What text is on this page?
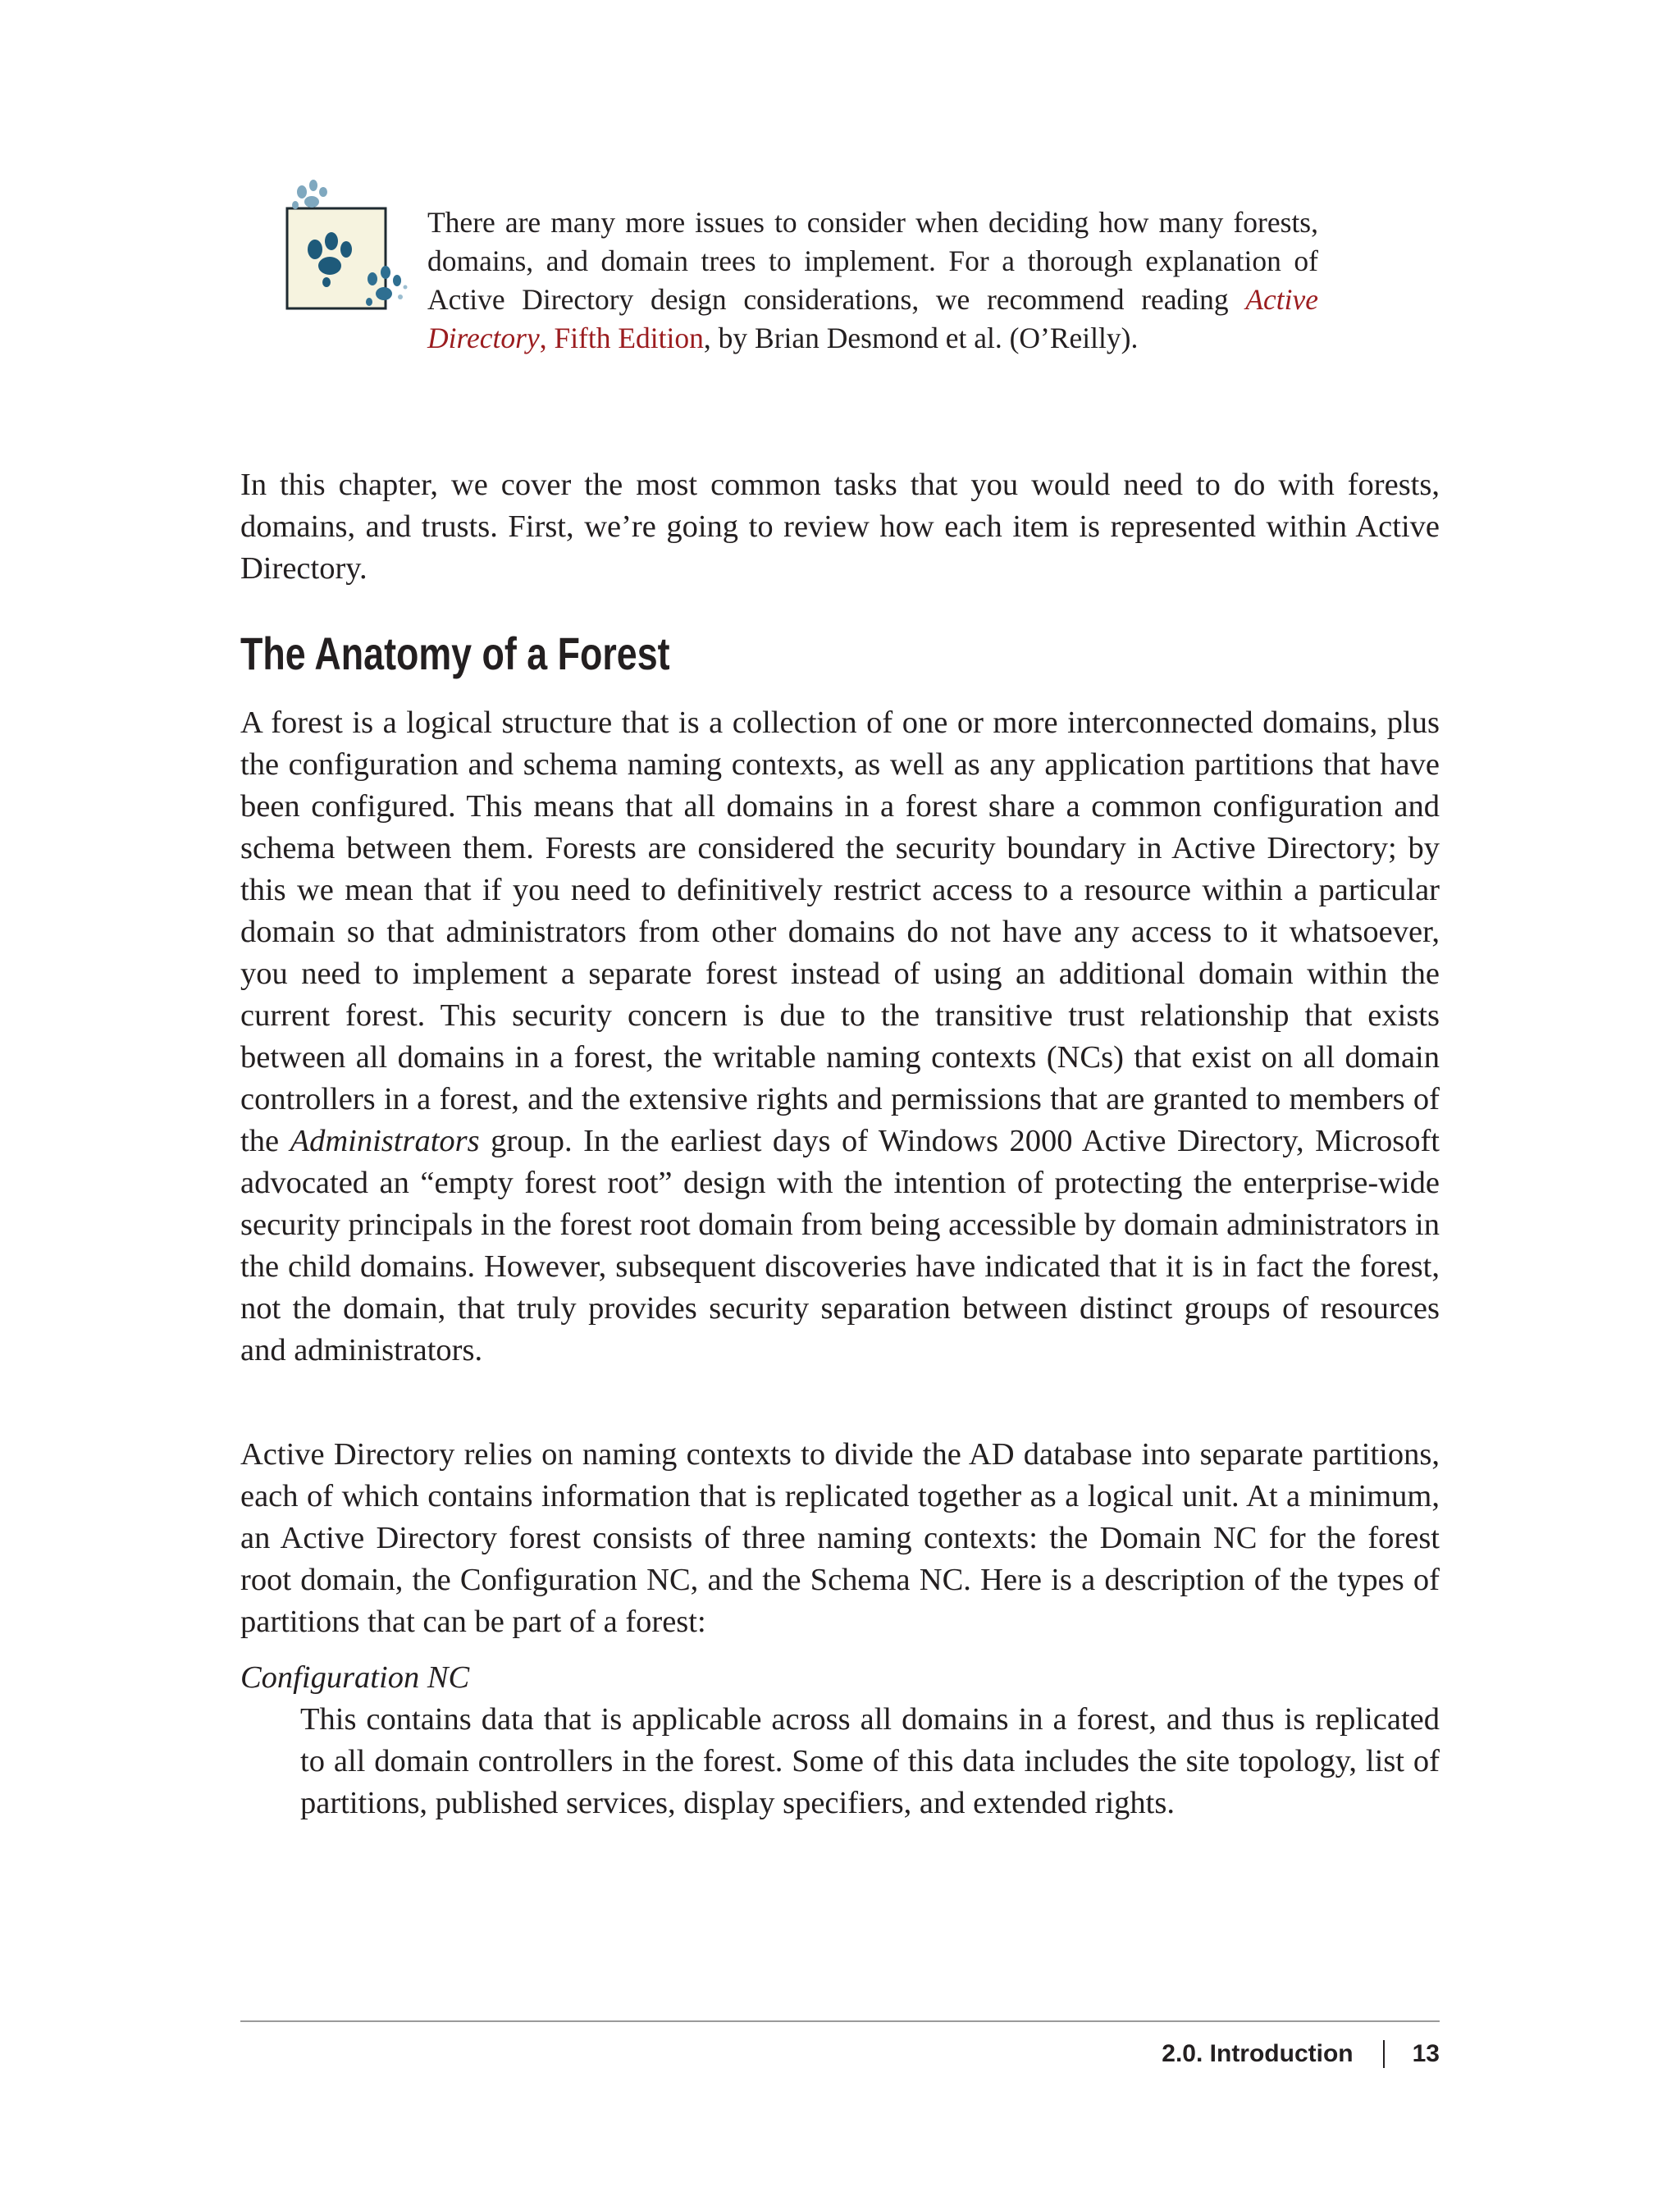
There are many more issues to consider when deciding how many forests, domains, and domain trees to implement. For a thorough explanation of Active Directory design considerations, we recommend reading Active Directory, Fifth Edition, by Brian Desmond et al. (O’Reilly).

In this chapter, we cover the most common tasks that you would need to do with forests, domains, and trusts. First, we’re going to review how each item is represented within Active Directory.

The Anatomy of a Forest

A forest is a logical structure that is a collection of one or more interconnected domains, plus the configuration and schema naming contexts, as well as any application partitions that have been configured. This means that all domains in a forest share a common configuration and schema between them. Forests are considered the security boundary in Active Directory; by this we mean that if you need to definitively restrict access to a resource within a particular domain so that administrators from other domains do not have any access to it whatsoever, you need to implement a separate forest instead of using an additional domain within the current forest. This security concern is due to the transitive trust relationship that exists between all domains in a forest, the writable naming contexts (NCs) that exist on all domain controllers in a forest, and the extensive rights and permissions that are granted to members of the Administrators group. In the earliest days of Windows 2000 Active Directory, Microsoft advocated an “empty forest root” design with the intention of protecting the enterprise-wide security principals in the forest root domain from being accessible by domain administrators in the child domains. However, subsequent discoveries have indicated that it is in fact the forest, not the domain, that truly provides security separation between distinct groups of resources and administrators.

Active Directory relies on naming contexts to divide the AD database into separate partitions, each of which contains information that is replicated together as a logical unit. At a minimum, an Active Directory forest consists of three naming contexts: the Domain NC for the forest root domain, the Configuration NC, and the Schema NC. Here is a description of the types of partitions that can be part of a forest:

Configuration NC
This contains data that is applicable across all domains in a forest, and thus is replicated to all domain controllers in the forest. Some of this data includes the site topology, list of partitions, published services, display specifiers, and extended rights.
2.0. Introduction 13
